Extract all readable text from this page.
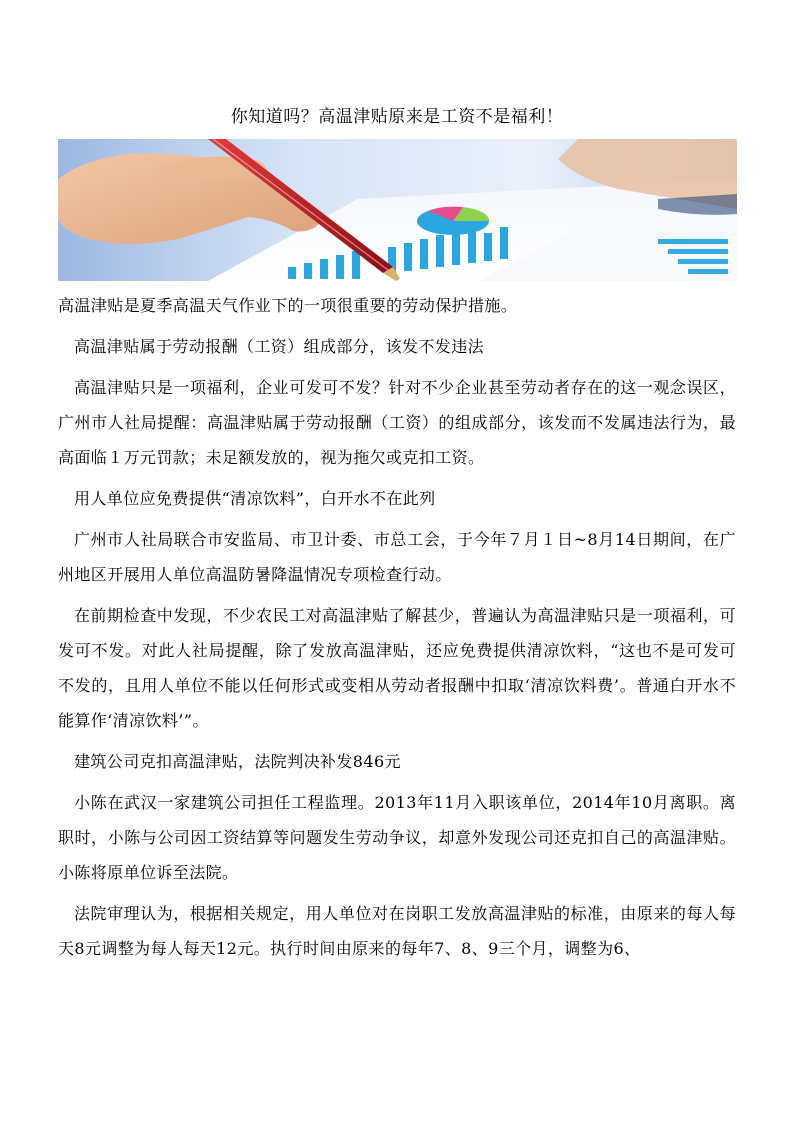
你知道吗？高温津贴原来是工资不是福利！

高温津贴是夏季高温天气作业下的一项很重要的劳动保护措施。

高温津贴属于劳动报酬（工资）组成部分，该发不发违法

高温津贴只是一项福利，企业可发可不发？针对不少企业甚至劳动者存在的这一观念误区，广州市人社局提醒：高温津贴属于劳动报酬（工资）的组成部分，该发而不发属违法行为，最高面临１万元罚款；未足额发放的，视为拖欠或克扣工资。

用人单位应免费提供“清凉饮料”，白开水不在此列

广州市人社局联合市安监局、市卫计委、市总工会，于今年７月１日~8月14日期间，在广州地区开展用人单位高温防暑降温情况专项检查行动。

在前期检查中发现，不少农民工对高温津贴了解甚少，普遍认为高温津贴只是一项福利，可发可不发。对此人社局提醒，除了发放高温津贴，还应免费提供清凉饮料，“这也不是可发可不发的，且用人单位不能以任何形式或变相从劳动者报酬中扣取‘清凉饮料费’。普通白开水不能算作‘清凉饮料’”。

建筑公司克扣高温津贴，法院判决补发846元

小陈在武汉一家建筑公司担任工程监理。2013年11月入职该单位，2014年10月离职。离职时，小陈与公司因工资结算等问题发生劳动争议，却意外发现公司还克扣自己的高温津贴。小陈将原单位诉至法院。

法院审理认为，根据相关规定，用人单位对在岗职工发放高温津贴的标准，由原来的每人每天8元调整为每人每天12元。执行时间由原来的每年7、8、9三个月，调整为6、
